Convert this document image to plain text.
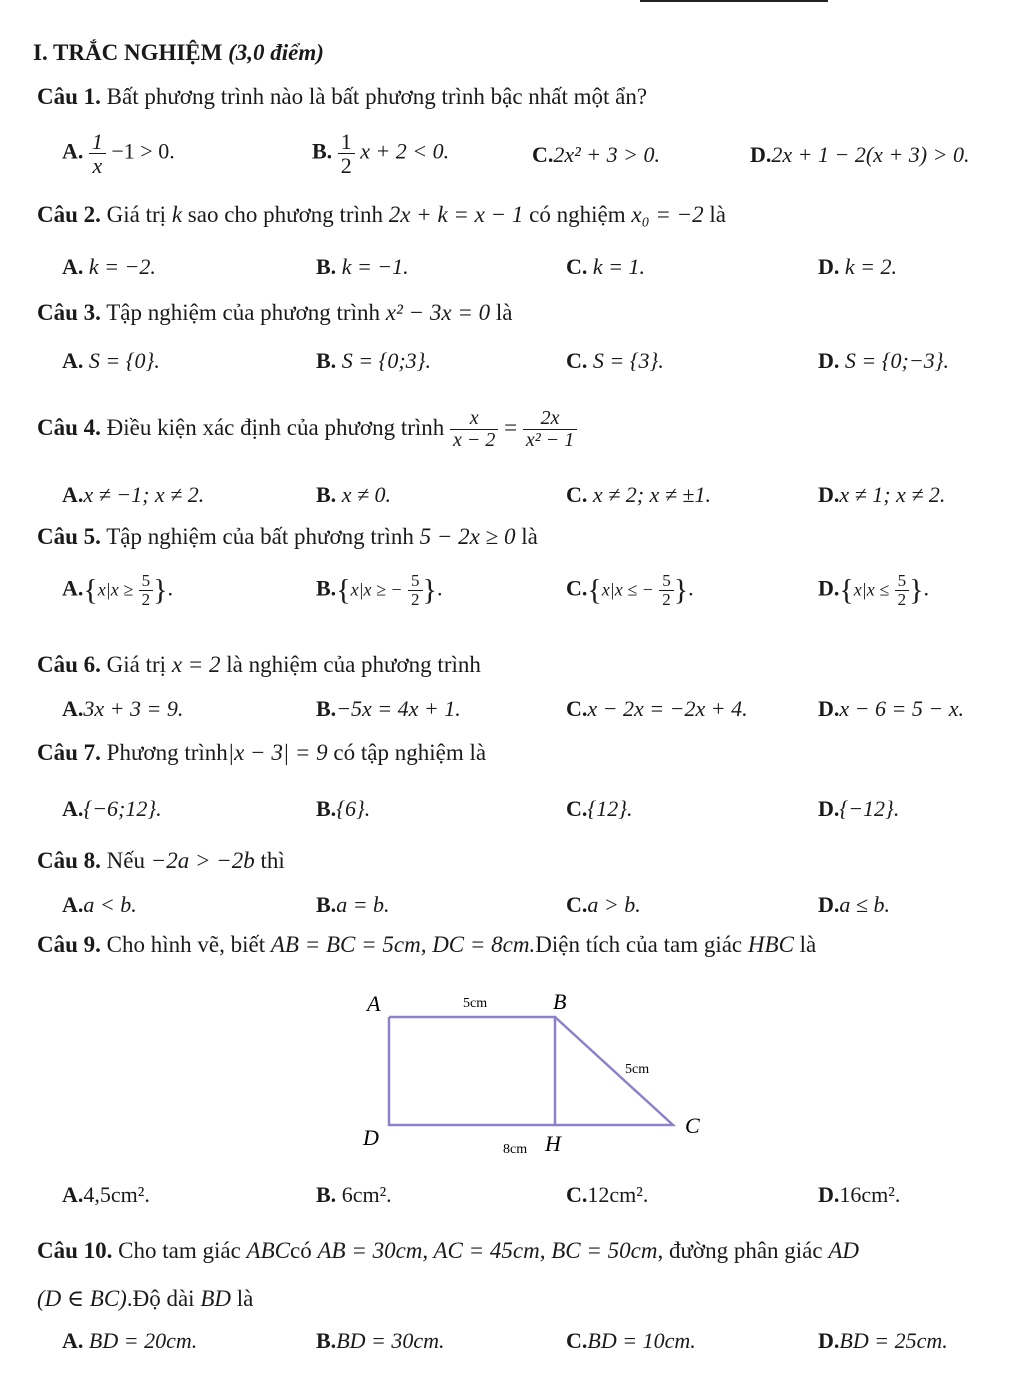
I. TRẮC NGHIỆM (3,0 điểm)
Câu 1. Bất phương trình nào là bất phương trình bậc nhất một ẩn?
A. $\frac{1}{x} -1 > 0$.	B. $\frac{1}{2}$ x + 2 < 0.	C.2x² + 3 > 0.	D.2x + 1 − 2(x + 3) > 0.
Câu 2. Giá trị k sao cho phương trình 2x + k = x − 1 có nghiệm x₀ = −2 là
A. k = −2.	B. k = −1.	C. k = 1.	D. k = 2.
Câu 3. Tập nghiệm của phương trình x² − 3x = 0 là
A. S = {0}.	B. S = {0;3}.	C. S = {3}.	D. S = {0;−3}.
Câu 4. Điều kiện xác định của phương trình $\frac{x}{x - 2} = \frac{2x}{\text{x² − 1}}$
A.x ≠ −1; x ≠ 2.	B. x ≠ 0.	C. x ≠ 2; x ≠ ±1.	D.x ≠ 1; x ≠ 2.
Câu 5. Tập nghiệm của bất phương trình 5 − 2x ≥ 0 là
$A.\{x|x \ge \frac{5}{2}$ }.	B.{x|x ≥ − $\frac{5}{2}$ }.	C.{x|x ≤ − $\frac{5}{2}$ }.	$D.\{x|x \le \frac{5}{2}$ }.
Câu 6. Giá trị x = 2 là nghiệm của phương trình
A.3x + 3 = 9.	B.−5x = 4x + 1.	C.x − 2x = −2x + 4.	D.x − 6 = 5 − x.
Câu 7. Phương trình|x − 3| = 9 có tập nghiệm là
A.{−6;12}.	B.{6}.	C.{12}.	D.{−12}.
Câu 8. Nếu −2a > −2b thì
A.a < b.	B.a = b.	C.a > b.	D.a ≤ b.
Câu 9. Cho hình vẽ, biết AB = BC = 5cm, DC = 8cm.Diện tích của tam giác HBC là
A	B
C
D	H
5cm
5cm
8cm
A.4,5cm².	B. 6cm².	C.12cm².	D.16cm².
Câu 10. Cho tam giác ABCcó AB = 30cm, AC = 45cm, BC = 50cm, đường phân giác AD
(D ∈ BC).Độ dài BD là
A. BD = 20cm.	B.BD = 30cm.	C.BD = 10cm.	D.BD = 25cm.
